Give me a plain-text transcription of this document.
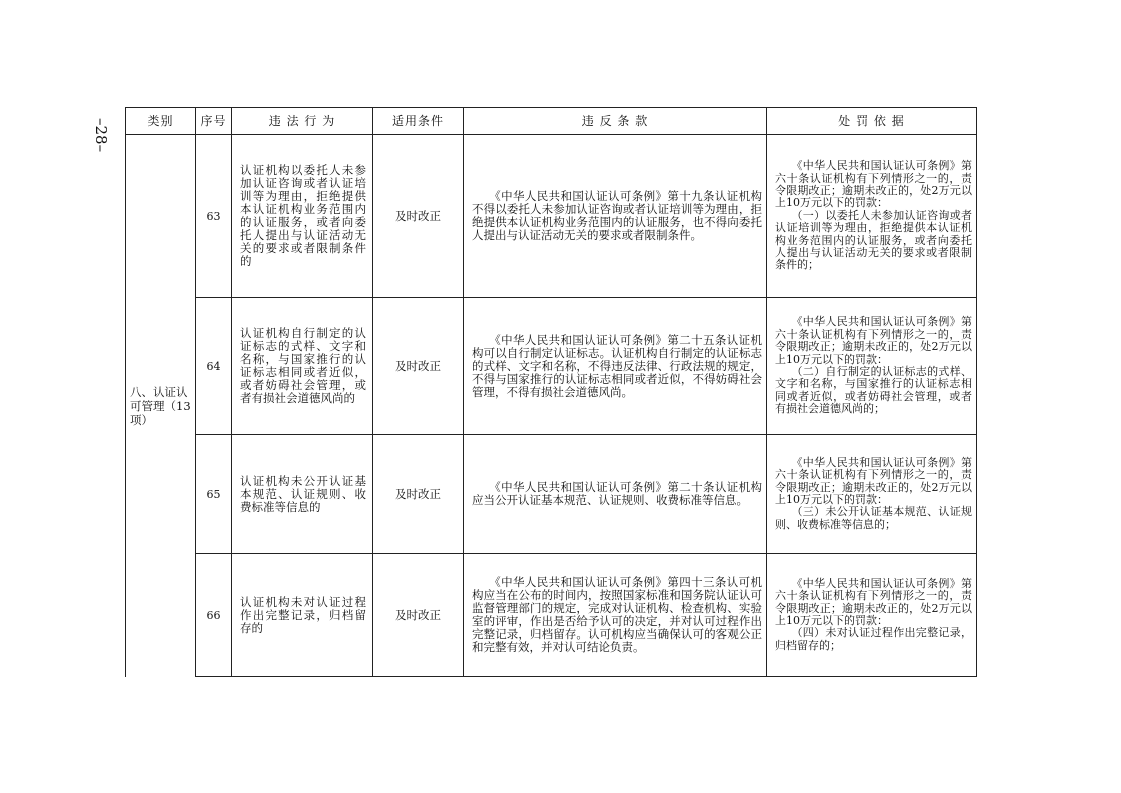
–28–	类别	序号	违 法 行 为	适用条件	违 反 条 款	处 罚 依 据
八、认证认可管理（13项）	63	认证机构以委托人未参加认证咨询或者认证培训等为理由，拒绝提供本认证机构业务范围内的认证服务，或者向委托人提出与认证活动无关的要求或者限制条件的	及时改正	《中华人民共和国认证认可条例》第十九条认证机构不得以委托人未参加认证咨询或者认证培训等为理由，拒绝提供本认证机构业务范围内的认证服务，也不得向委托人提出与认证活动无关的要求或者限制条件。	《中华人民共和国认证认可条例》第六十条认证机构有下列情形之一的，责令限期改正；逾期未改正的，处2万元以上10万元以下的罚款：

（一）以委托人未参加认证咨询或者认证培训等为理由，拒绝提供本认证机构业务范围内的认证服务，或者向委托人提出与认证活动无关的要求或者限制条件的；

	64	认证机构自行制定的认证标志的式样、文字和名称，与国家推行的认证标志相同或者近似，或者妨碍社会管理，或者有损社会道德风尚的	及时改正	《中华人民共和国认证认可条例》第二十五条认证机构可以自行制定认证标志。认证机构自行制定的认证标志的式样、文字和名称，不得违反法律、行政法规的规定，不得与国家推行的认证标志相同或者近似，不得妨碍社会管理，不得有损社会道德风尚。	《中华人民共和国认证认可条例》第六十条认证机构有下列情形之一的，责令限期改正；逾期未改正的，处2万元以上10万元以下的罚款：

（二）自行制定的认证标志的式样、文字和名称，与国家推行的认证标志相同或者近似，或者妨碍社会管理，或者有损社会道德风尚的；

	65	认证机构未公开认证基本规范、认证规则、收费标准等信息的	及时改正	《中华人民共和国认证认可条例》第二十条认证机构应当公开认证基本规范、认证规则、收费标准等信息。	《中华人民共和国认证认可条例》第六十条认证机构有下列情形之一的，责令限期改正；逾期未改正的，处2万元以上10万元以下的罚款：

（三）未公开认证基本规范、认证规则、收费标准等信息的；

	66	认证机构未对认证过程作出完整记录，归档留存的	及时改正	《中华人民共和国认证认可条例》第四十三条认可机构应当在公布的时间内，按照国家标准和国务院认证认可监督管理部门的规定，完成对认证机构、检查机构、实验室的评审，作出是否给予认可的决定，并对认可过程作出完整记录，归档留存。认可机构应当确保认可的客观公正和完整有效，并对认可结论负责。	《中华人民共和国认证认可条例》第六十条认证机构有下列情形之一的，责令限期改正；逾期未改正的，处2万元以上10万元以下的罚款：

（四）未对认证过程作出完整记录，归档留存的；
